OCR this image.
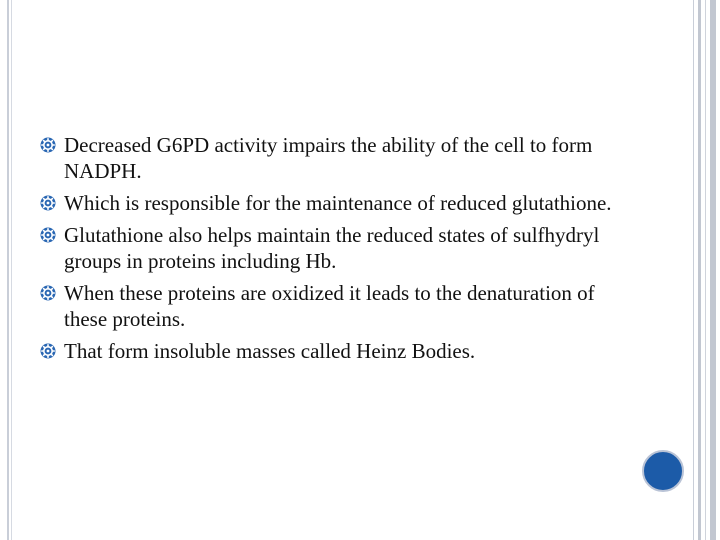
Decreased G6PD activity impairs the ability of the cell to form NADPH.
Which is responsible for the maintenance of reduced glutathione.
Glutathione also helps maintain the reduced states of sulfhydryl groups in proteins including Hb.
When these proteins are oxidized it leads to the denaturation of these proteins.
That form insoluble masses called Heinz Bodies.
